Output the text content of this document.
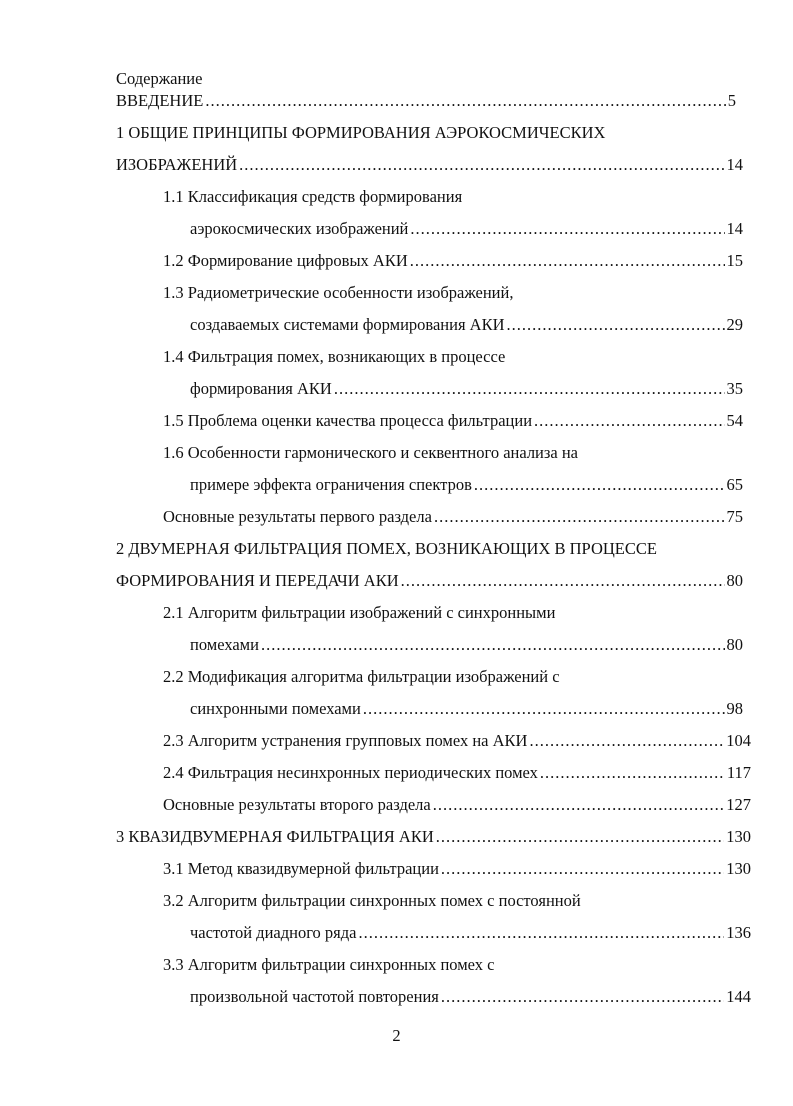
Содержание
ВВЕДЕНИЕ .....	5
1 ОБЩИЕ ПРИНЦИПЫ ФОРМИРОВАНИЯ АЭРОКОСМИЧЕСКИХ
ИЗОБРАЖЕНИЙ .....	14
1.1 Классификация средств формирования
аэрокосмических изображений .....	14
1.2 Формирование цифровых АКИ .....	15
1.3 Радиометрические особенности изображений,
создаваемых системами формирования АКИ .....	29
1.4 Фильтрация помех, возникающих в процессе
формирования АКИ .....	35
1.5 Проблема оценки качества процесса фильтрации .....	54
1.6 Особенности гармонического и секвентного анализа на
примере эффекта ограничения спектров .....	65
Основные результаты первого раздела .....	75
2 ДВУМЕРНАЯ ФИЛЬТРАЦИЯ ПОМЕХ, ВОЗНИКАЮЩИХ В ПРОЦЕССЕ
ФОРМИРОВАНИЯ И ПЕРЕДАЧИ АКИ .....	80
2.1 Алгоритм фильтрации изображений с синхронными
помехами .....	80
2.2 Модификация алгоритма фильтрации изображений с
синхронными помехами .....	98
2.3 Алгоритм устранения групповых помех на АКИ .....	104
2.4 Фильтрация несинхронных периодических помех .....	117
Основные результаты второго раздела .....	127
3 КВАЗИДВУМЕРНАЯ ФИЛЬТРАЦИЯ АКИ .....	130
3.1 Метод квазидвумерной фильтрации .....	130
3.2 Алгоритм фильтрации синхронных помех с постоянной
частотой диадного ряда .....	136
3.3 Алгоритм фильтрации синхронных помех с
произвольной частотой повторения .....	144
2
